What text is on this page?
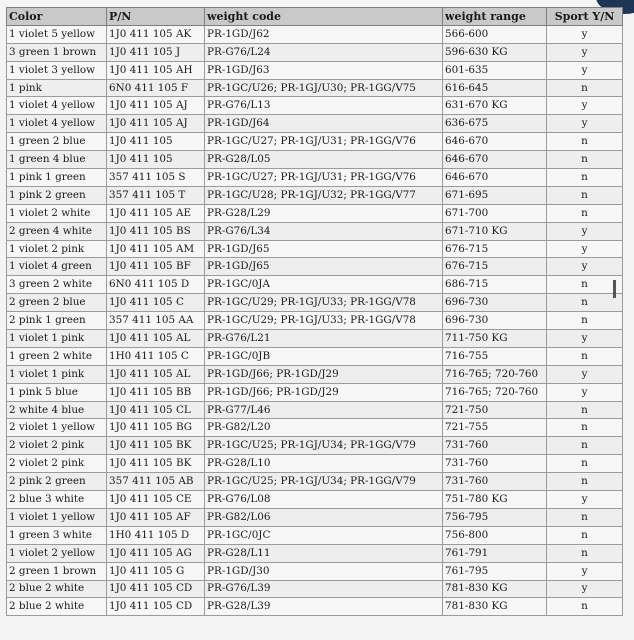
Color	P/N	weight code	weight range	Sport Y/N
1 violet 5 yellow	1J0 411 105 AK	PR-1GD/J62	566-600	y
3 green 1 brown	1J0 411 105 J	PR-G76/L24	596-630 KG	y
1 violet 3 yellow	1J0 411 105 AH	PR-1GD/J63	601-635	y
1 pink	6N0 411 105 F	PR-1GC/U26; PR-1GJ/U30; PR-1GG/V75	616-645	n
1 violet 4 yellow	1J0 411 105 AJ	PR-G76/L13	631-670 KG	y
1 violet 4 yellow	1J0 411 105 AJ	PR-1GD/J64	636-675	y
1 green 2 blue	1J0 411 105	PR-1GC/U27; PR-1GJ/U31; PR-1GG/V76	646-670	n
1 green 4 blue	1J0 411 105	PR-G28/L05	646-670	n
1 pink 1 green	357 411 105 S	PR-1GC/U27; PR-1GJ/U31; PR-1GG/V76	646-670	n
1 pink 2 green	357 411 105 T	PR-1GC/U28; PR-1GJ/U32; PR-1GG/V77	671-695	n
1 violet 2 white	1J0 411 105 AE	PR-G28/L29	671-700	n
2 green 4 white	1J0 411 105 BS	PR-G76/L34	671-710 KG	y
1 violet 2 pink	1J0 411 105 AM	PR-1GD/J65	676-715	y
1 violet 4 green	1J0 411 105 BF	PR-1GD/J65	676-715	y
3 green 2 white	6N0 411 105 D	PR-1GC/0JA	686-715	n
2 green 2 blue	1J0 411 105 C	PR-1GC/U29; PR-1GJ/U33; PR-1GG/V78	696-730	n
2 pink 1 green	357 411 105 AA	PR-1GC/U29; PR-1GJ/U33; PR-1GG/V78	696-730	n
1 violet 1 pink	1J0 411 105 AL	PR-G76/L21	711-750 KG	y
1 green 2 white	1H0 411 105 C	PR-1GC/0JB	716-755	n
1 violet 1 pink	1J0 411 105 AL	PR-1GD/J66; PR-1GD/J29	716-765; 720-760	y
1 pink 5 blue	1J0 411 105 BB	PR-1GD/J66; PR-1GD/J29	716-765; 720-760	y
2 white 4 blue	1J0 411 105 CL	PR-G77/L46	721-750	n
2 violet 1 yellow	1J0 411 105 BG	PR-G82/L20	721-755	n
2 violet 2 pink	1J0 411 105 BK	PR-1GC/U25; PR-1GJ/U34; PR-1GG/V79	731-760	n
2 violet 2 pink	1J0 411 105 BK	PR-G28/L10	731-760	n
2 pink 2 green	357 411 105 AB	PR-1GC/U25; PR-1GJ/U34; PR-1GG/V79	731-760	n
2 blue 3 white	1J0 411 105 CE	PR-G76/L08	751-780 KG	y
1 violet 1 yellow	1J0 411 105 AF	PR-G82/L06	756-795	n
1 green 3 white	1H0 411 105 D	PR-1GC/0JC	756-800	n
1 violet 2 yellow	1J0 411 105 AG	PR-G28/L11	761-791	n
2 green 1 brown	1J0 411 105 G	PR-1GD/J30	761-795	y
2 blue 2 white	1J0 411 105 CD	PR-G76/L39	781-830 KG	y
2 blue 2 white	1J0 411 105 CD	PR-G28/L39	781-830 KG	n
